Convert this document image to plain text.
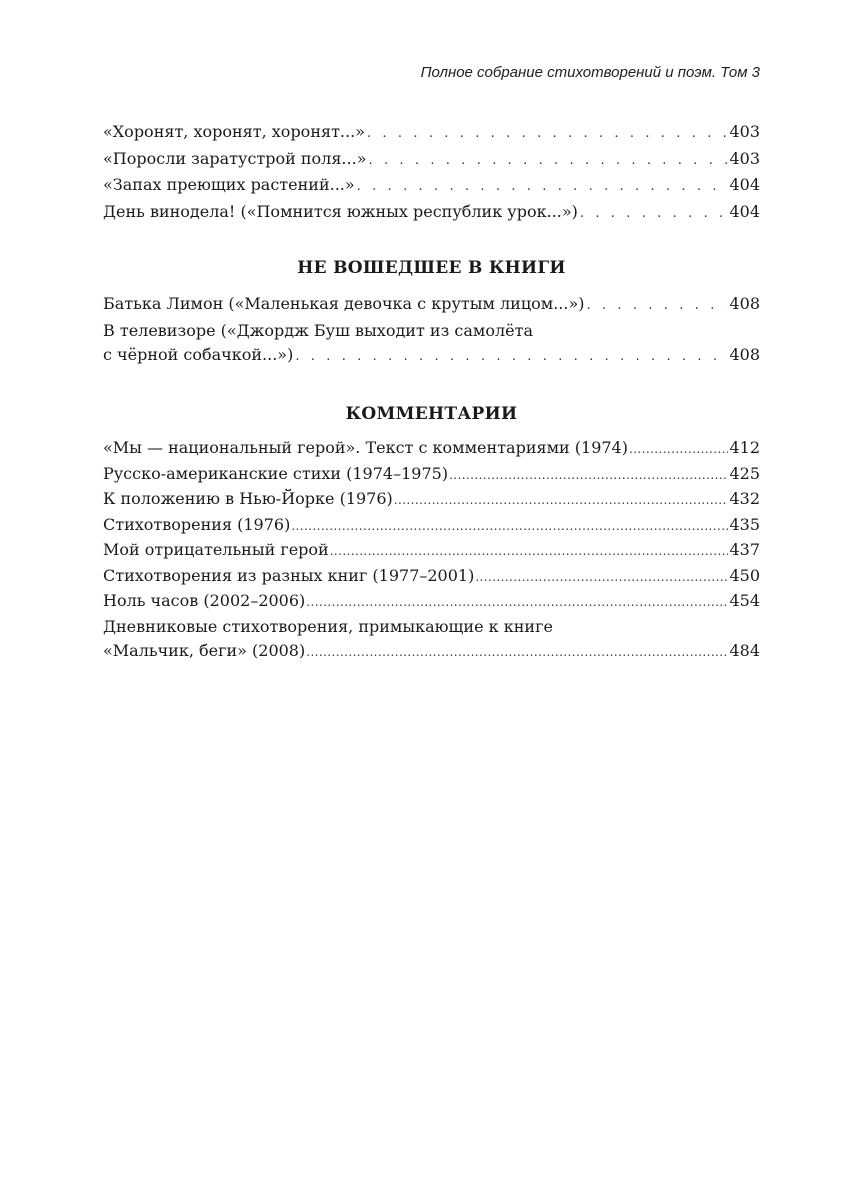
Полное собрание стихотворений и поэм. Том 3
«Хоронят, хоронят, хоронят...» . . .	403
«Поросли заратустрой поля...» . . .	403
«Запах преющих растений...» . . .	404
День винодела! («Помнится южных республик урок...») . . .	404
НЕ ВОШЕДШЕЕ В КНИГИ
Батька Лимон («Маленькая девочка с крутым лицом...») . . .	408
В телевизоре («Джордж Буш выходит из самолёта
с чёрной собачкой...») . . .	408
КОММЕНТАРИИ
«Мы — национальный герой». Текст с комментариями (1974) .....	412
Русско-американские стихи (1974–1975) .....	425
К положению в Нью-Йорке (1976) .....	432
Стихотворения (1976) .....	435
Мой отрицательный герой .....	437
Стихотворения из разных книг (1977–2001) .....	450
Ноль часов (2002–2006) .....	454
Дневниковые стихотворения, примыкающие к книге
«Мальчик, беги» (2008) .....	484
